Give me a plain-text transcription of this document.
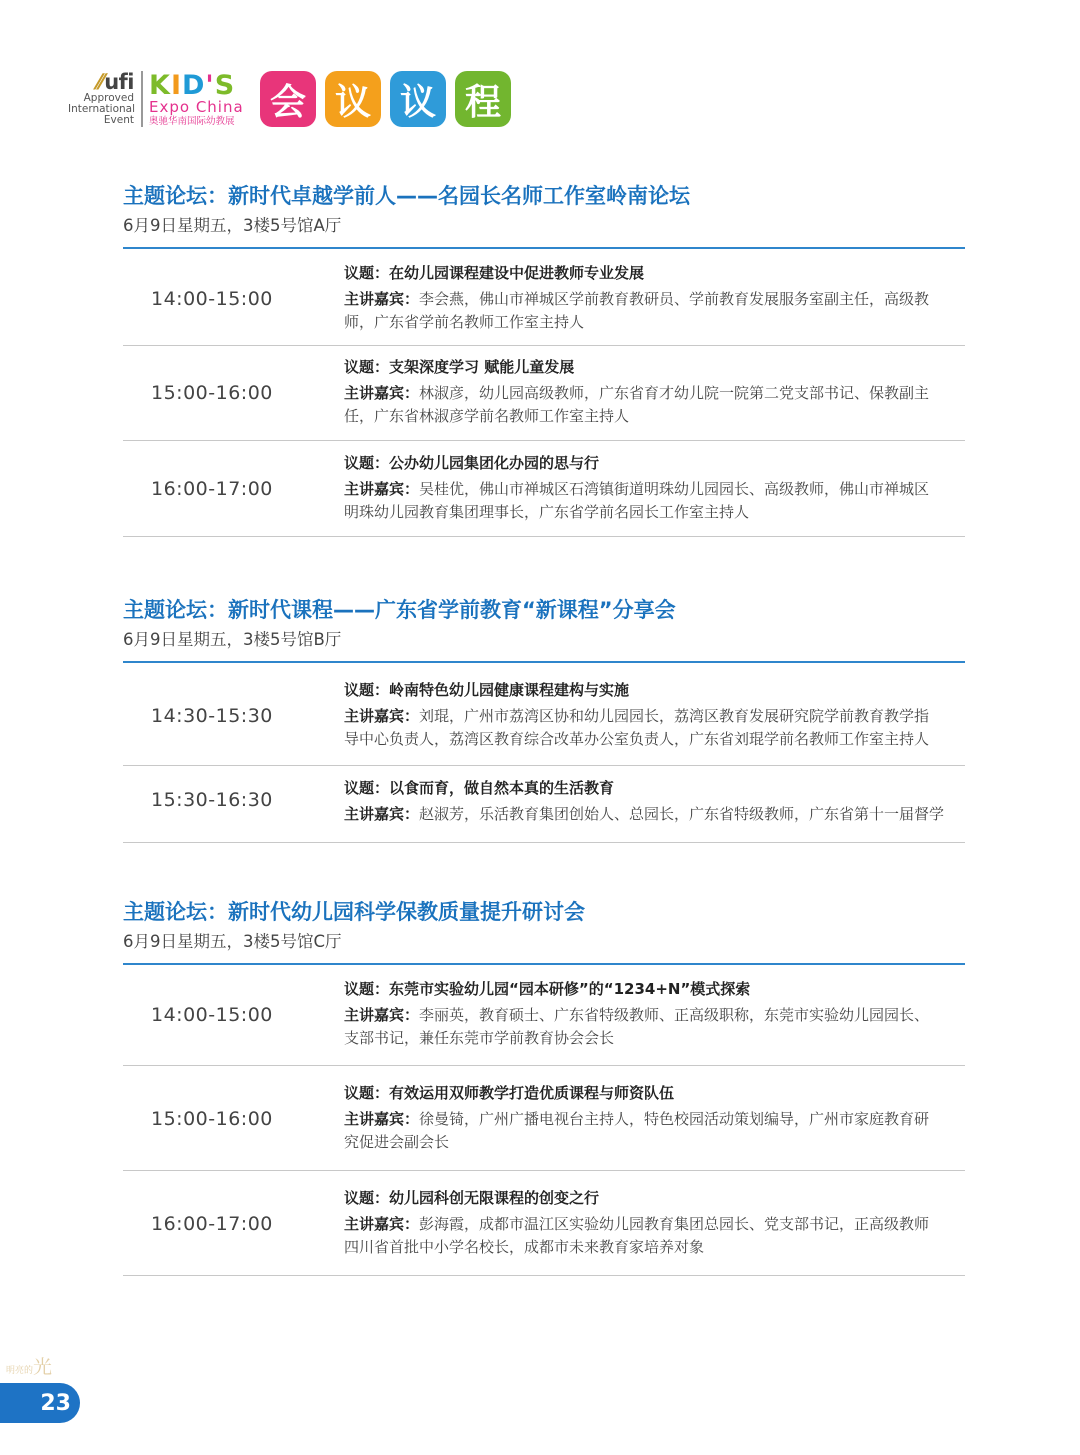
⁄⁄ufi
Approved
International
Event
KID'S
Expo China
奥驰华南国际幼教展 会 议 议 程
主题论坛：新时代卓越学前人——名园长名师工作室岭南论坛
6月9日星期五，3楼5号馆A厅
14:00-15:00
议题：在幼儿园课程建设中促进教师专业发展
主讲嘉宾：李会燕，佛山市禅城区学前教育教研员、学前教育发展服务室副主任，高级教
师，广东省学前名教师工作室主持人
15:00-16:00
议题：支架深度学习 赋能儿童发展
主讲嘉宾：林淑彦，幼儿园高级教师，广东省育才幼儿院一院第二党支部书记、保教副主
任，广东省林淑彦学前名教师工作室主持人
16:00-17:00
议题：公办幼儿园集团化办园的思与行
主讲嘉宾：吴桂优，佛山市禅城区石湾镇街道明珠幼儿园园长、高级教师，佛山市禅城区
明珠幼儿园教育集团理事长，广东省学前名园长工作室主持人
主题论坛：新时代课程——广东省学前教育“新课程”分享会
6月9日星期五，3楼5号馆B厅
14:30-15:30
议题：岭南特色幼儿园健康课程建构与实施
主讲嘉宾：刘琨，广州市荔湾区协和幼儿园园长，荔湾区教育发展研究院学前教育教学指
导中心负责人，荔湾区教育综合改革办公室负责人，广东省刘琨学前名教师工作室主持人
15:30-16:30
议题：以食而育，做自然本真的生活教育
主讲嘉宾：赵淑芳，乐活教育集团创始人、总园长，广东省特级教师，广东省第十一届督学
主题论坛：新时代幼儿园科学保教质量提升研讨会
6月9日星期五，3楼5号馆C厅
14:00-15:00
议题：东莞市实验幼儿园“园本研修”的“1234+N”模式探索
主讲嘉宾：李丽英，教育硕士、广东省特级教师、正高级职称，东莞市实验幼儿园园长、
支部书记，兼任东莞市学前教育协会会长
15:00-16:00
议题：有效运用双师教学打造优质课程与师资队伍
主讲嘉宾：徐曼锜，广州广播电视台主持人，特色校园活动策划编导，广州市家庭教育研
究促进会副会长
16:00-17:00
议题：幼儿园科创无限课程的创变之行
主讲嘉宾：彭海霞，成都市温江区实验幼儿园教育集团总园长、党支部书记，正高级教师
四川省首批中小学名校长，成都市未来教育家培养对象
明亮的光
23
